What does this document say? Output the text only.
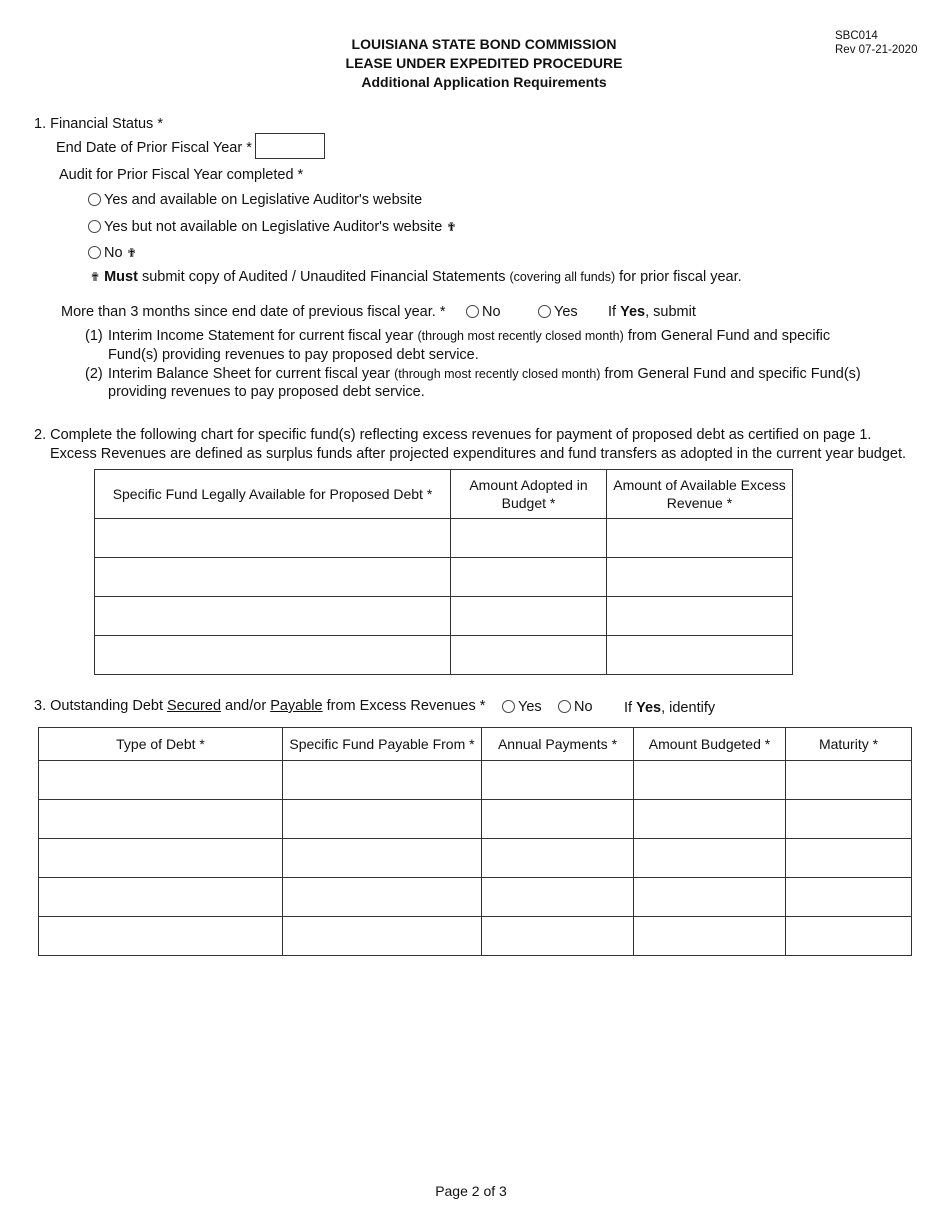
LOUISIANA STATE BOND COMMISSION
LEASE UNDER EXPEDITED PROCEDURE
Additional Application Requirements
SBC014
Rev 07-21-2020
1. Financial Status *
End Date of Prior Fiscal Year *
Audit for Prior Fiscal Year completed *
Yes and available on Legislative Auditor's website
Yes but not available on Legislative Auditor's website ✟
No ✟
✟ Must submit copy of Audited / Unaudited Financial Statements (covering all funds) for prior fiscal year.
More than 3 months since end date of previous fiscal year. *	No	Yes If Yes, submit
(1) Interim Income Statement for current fiscal year (through most recently closed month) from General Fund and specific
Fund(s) providing revenues to pay proposed debt service.
(2) Interim Balance Sheet for current fiscal year (through most recently closed month) from General Fund and specific Fund(s)
providing revenues to pay proposed debt service.
2. Complete the following chart for specific fund(s) reflecting excess revenues for payment of proposed debt as certified on page 1.
Excess Revenues are defined as surplus funds after projected expenditures and fund transfers as adopted in the current year budget.
Specific Fund Legally Available for Proposed Debt *	Amount Adopted in Budget *	Amount of Available Excess Revenue *

3. Outstanding Debt Secured and/or Payable from Excess Revenues *	Yes	No If Yes, identify
Type of Debt *	Specific Fund Payable From *	Annual Payments *	Amount Budgeted *	Maturity *

Page 2 of 3
